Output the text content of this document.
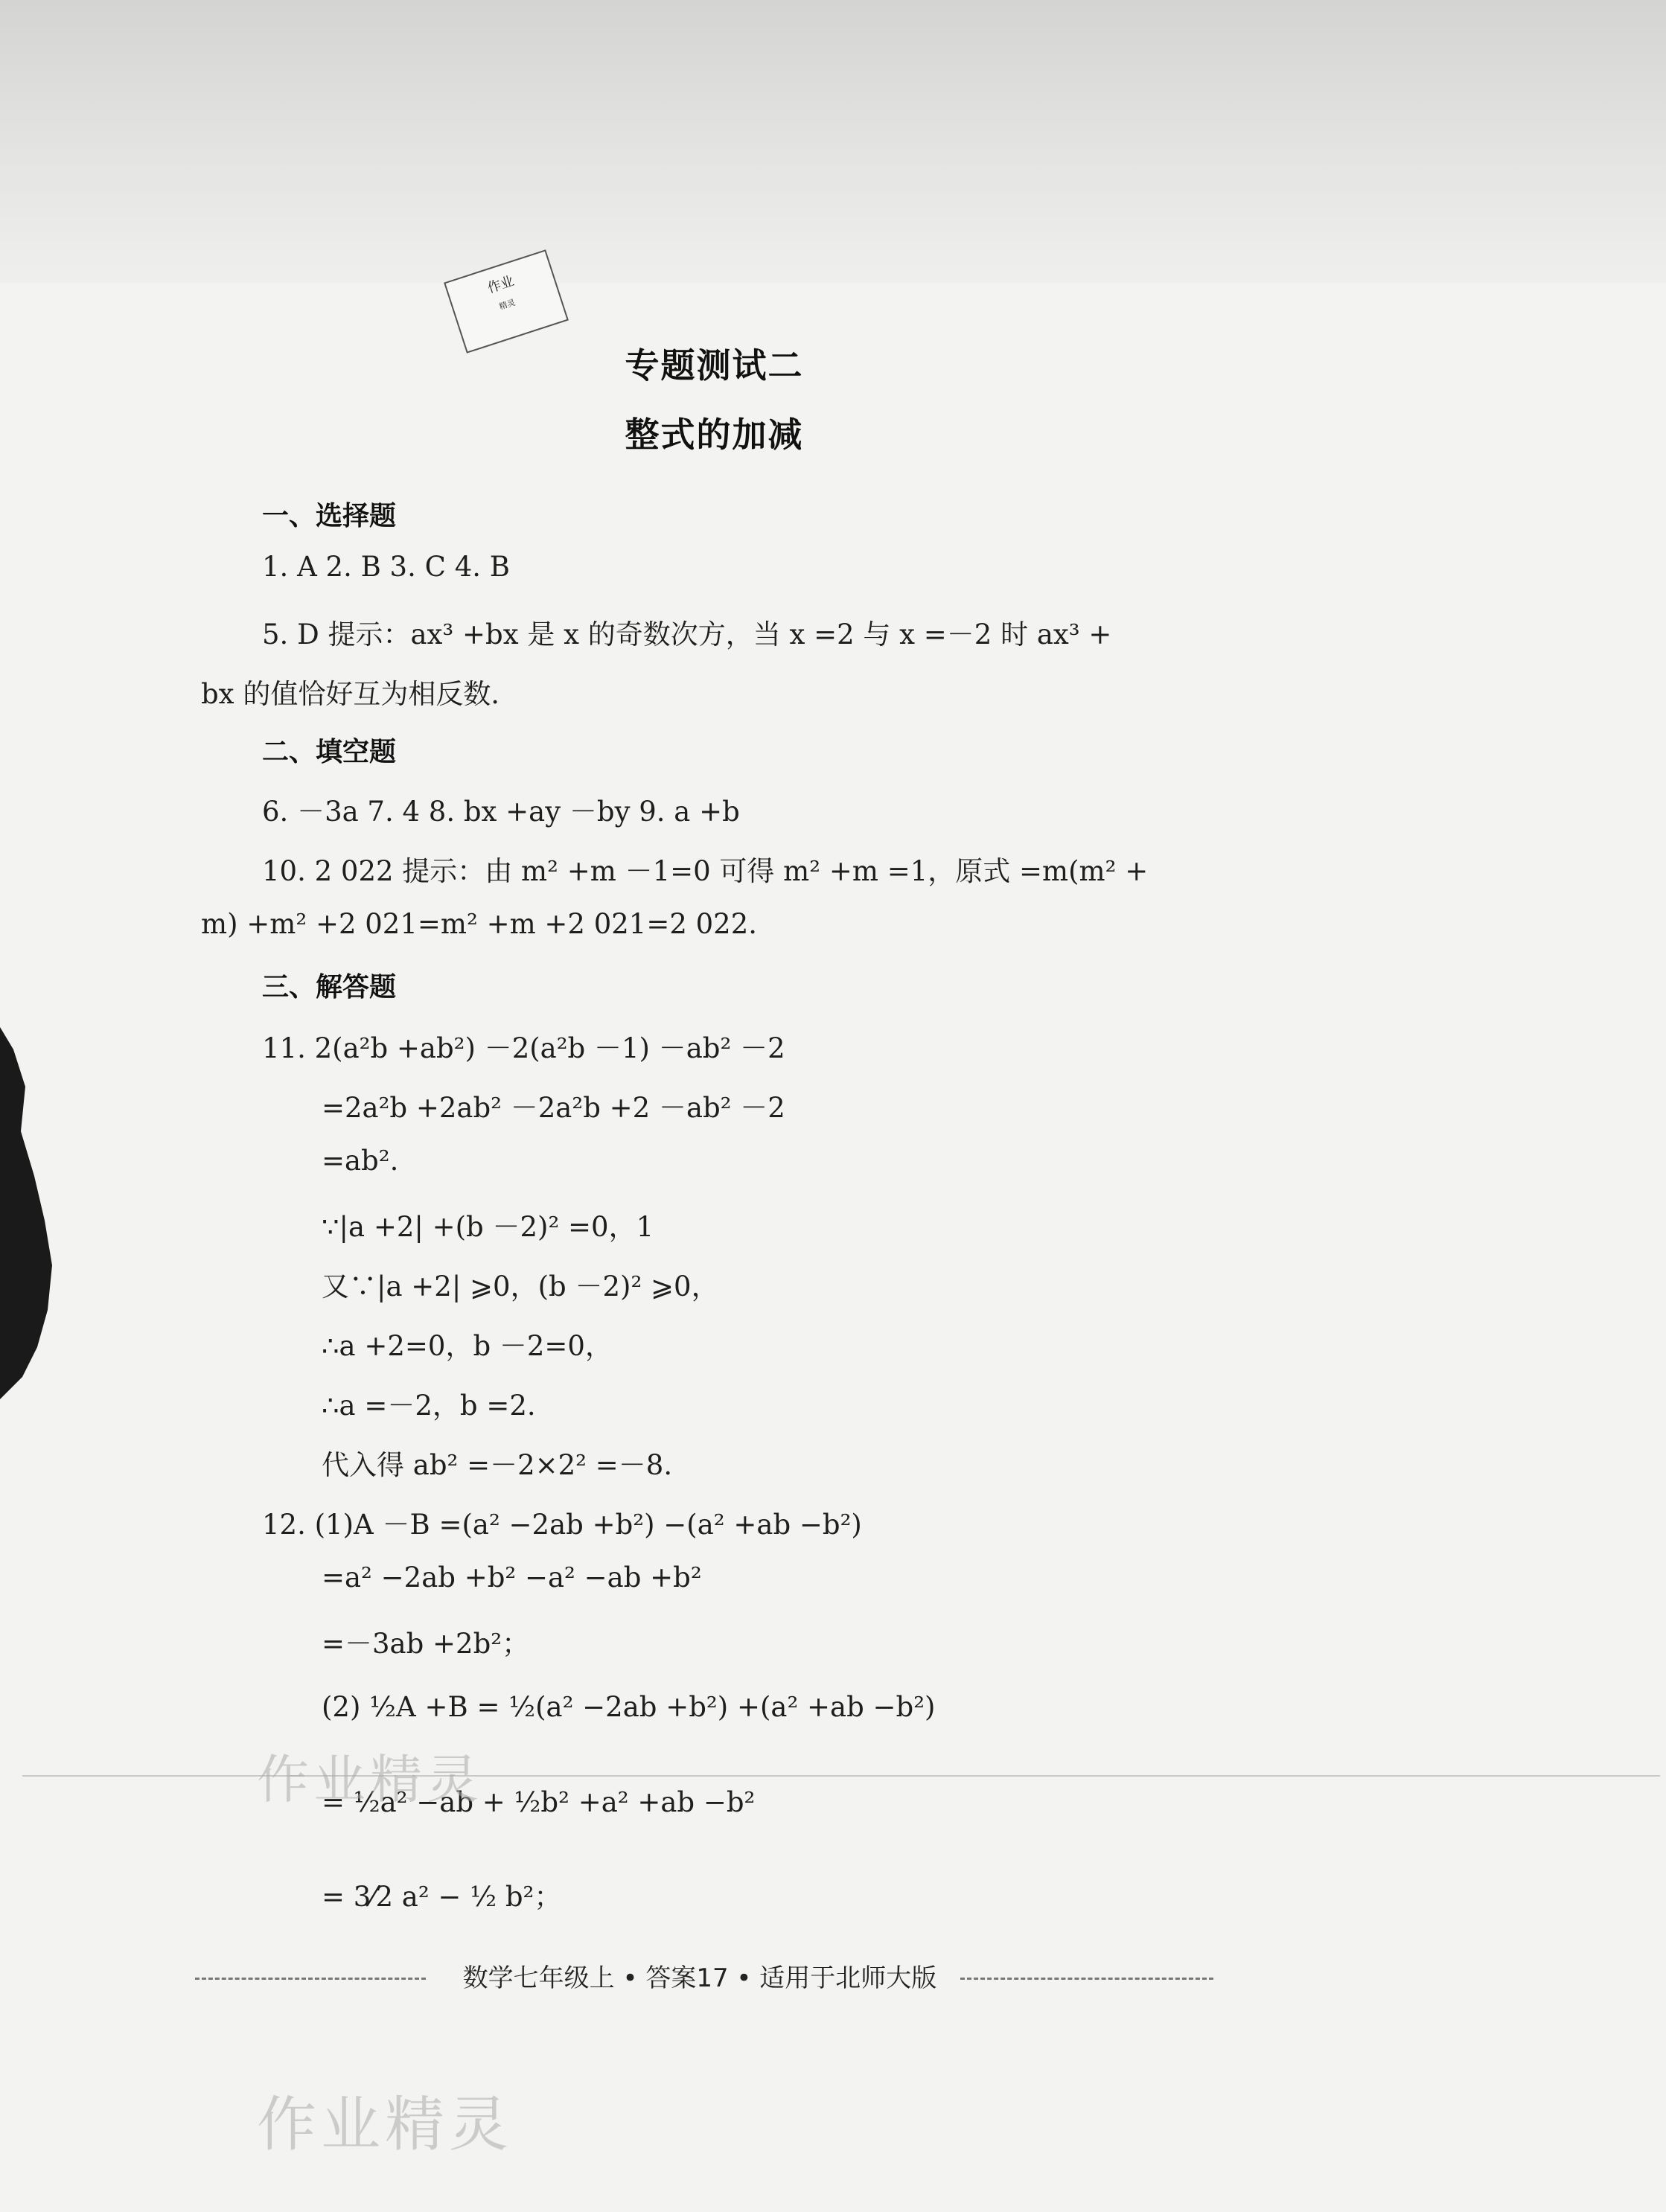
作业
精灵
专题测试二
整式的加减
一、选择题
1. A 2. B 3. C 4. B
5. D 提示：ax³ +bx 是 x 的奇数次方，当 x =2 与 x =－2 时 ax³ +
bx 的值恰好互为相反数.
二、填空题
6. －3a 7. 4 8. bx +ay －by 9. a +b
10. 2 022 提示：由 m² +m －1=0 可得 m² +m =1，原式 =m(m² +
m) +m² +2 021=m² +m +2 021=2 022.
三、解答题
11. 2(a²b +ab²) －2(a²b －1) －ab² －2
=2a²b +2ab² －2a²b +2 －ab² －2
=ab².
∵|a +2| +(b －2)² =0，1
又∵|a +2| ⩾0，(b －2)² ⩾0，
∴a +2=0，b －2=0，
∴a =－2，b =2.
代入得 ab² =－2×2² =－8.
12. (1)A －B =(a² −2ab +b²) −(a² +ab −b²)
=a² −2ab +b² −a² −ab +b²
=－3ab +2b²；
(2) ½A +B = ½(a² −2ab +b²) +(a² +ab −b²)
= ½a² −ab + ½b² +a² +ab −b²
= 3⁄2 a² − ½ b²；
作业精灵
作业精灵
数学七年级上 • 答案17 • 适用于北师大版
